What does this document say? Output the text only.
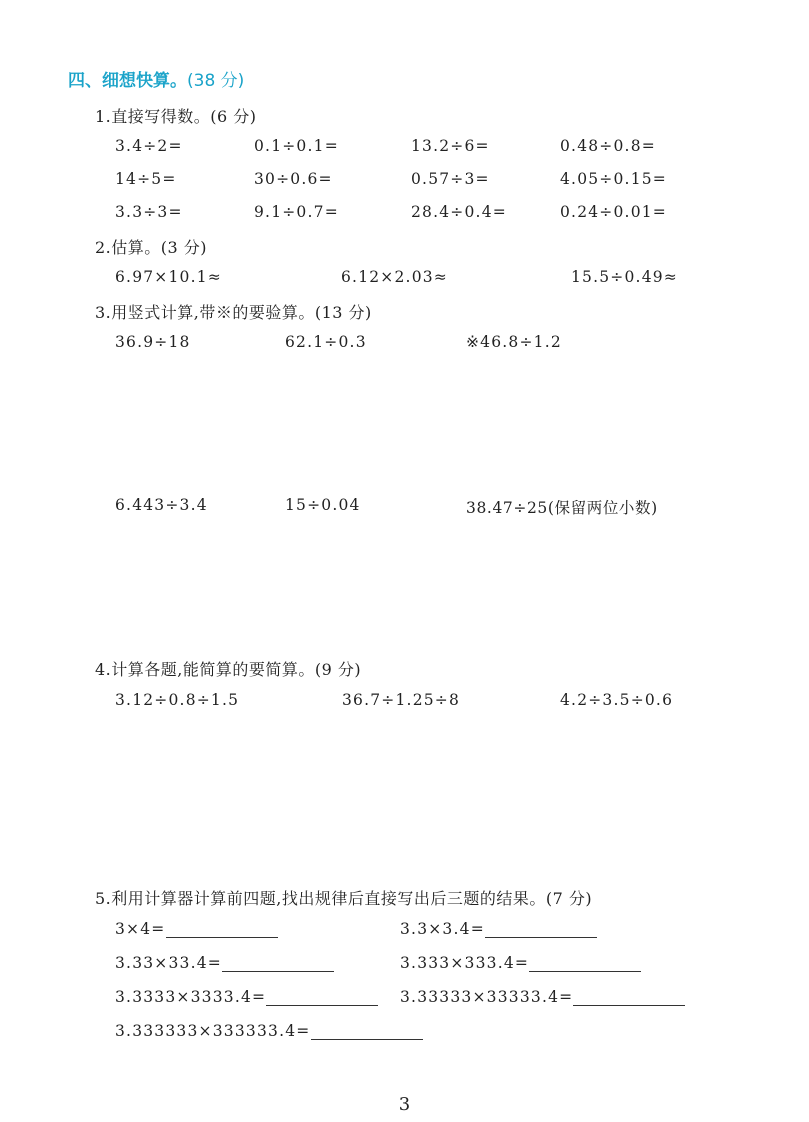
四、细想快算。(38 分)
1.直接写得数。(6 分)
3.4÷2=	0.1÷0.1=	13.2÷6=	0.48÷0.8=
14÷5=	30÷0.6=	0.57÷3=	4.05÷0.15=
3.3÷3=	9.1÷0.7=	28.4÷0.4=	0.24÷0.01=
2.估算。(3 分)
6.97×10.1≈	6.12×2.03≈	15.5÷0.49≈
3.用竖式计算,带※的要验算。(13 分)
36.9÷18	62.1÷0.3	※46.8÷1.2
6.443÷3.4	15÷0.04	38.47÷25(保留两位小数)
4.计算各题,能简算的要简算。(9 分)
3.12÷0.8÷1.5	36.7÷1.25÷8	4.2÷3.5÷0.6
5.利用计算器计算前四题,找出规律后直接写出后三题的结果。(7 分)
3×4=	3.3×3.4=
3.33×33.4=	3.333×333.4=
3.3333×3333.4=	3.33333×33333.4=
3.333333×333333.4=
3
